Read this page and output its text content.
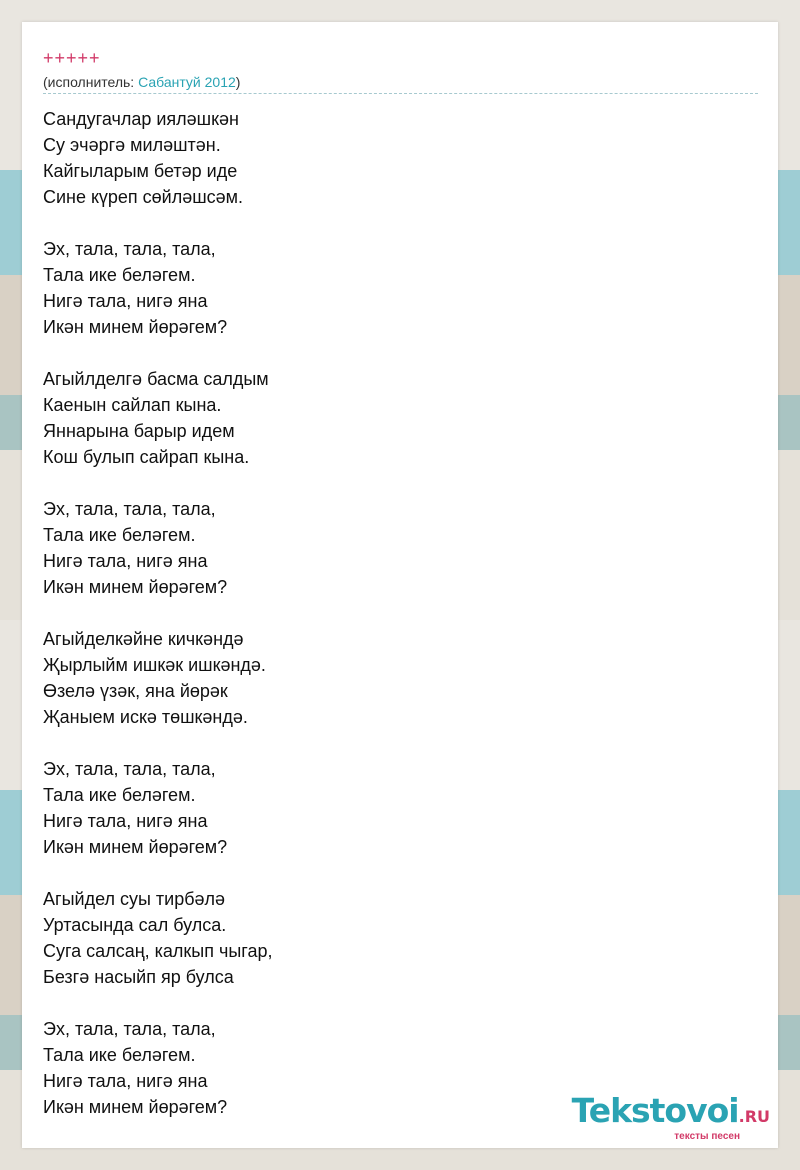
+++++
(исполнитель: Сабантуй 2012)
Сандугачлар иялəшкəн
Су эчəргə милəштəн.
Кайгыларым бетəр иде
Сине күреп сөйлəшсəм.
Эх, тала, тала, тала,
Тала ике белəгем.
Нигə тала, нигə яна
Икəн минем йөрəгем?
Агыйлделгə басма салдым
Каенын сайлап кына.
Яннарына барыр идем
Кош булып сайрап кына.
Эх, тала, тала, тала,
Тала ике белəгем.
Нигə тала, нигə яна
Икəн минем йөрəгем?
Агыйделкəйне кичкəндə
Җырлыйм ишкəк ишкəндə.
Өзелə үзəк, яна йөрəк
Җаныем искə төшкəндə.
Эх, тала, тала, тала,
Тала ике белəгем.
Нигə тала, нигə яна
Икəн минем йөрəгем?
Агыйдел суы тирбəлə
Уртасында сал булса.
Суга салсаң, калкып чыгар,
Безгə насыйп яр булса
Эх, тала, тала, тала,
Тала ике белəгем.
Нигə тала, нигə яна
Икəн минем йөрəгем?	Tekstovoi.RU
тексты песен
